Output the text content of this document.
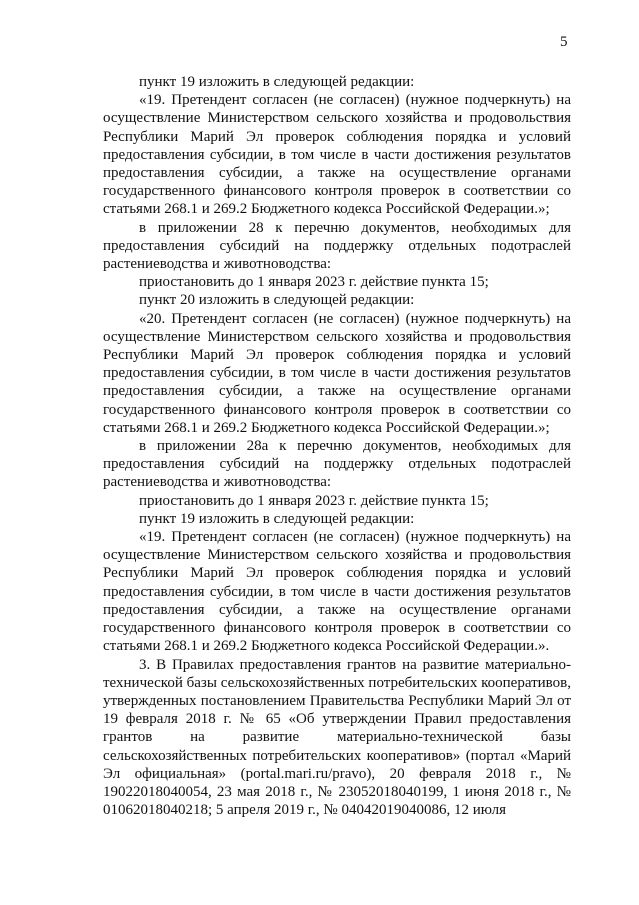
5

пункт 19 изложить в следующей редакции:

«19. Претендент согласен (не согласен) (нужное подчеркнуть) на осуществление Министерством сельского хозяйства и продовольствия Республики Марий Эл проверок соблюдения порядка и условий предоставления субсидии, в том числе в части достижения результатов предоставления субсидии, а также на осуществление органами государственного финансового контроля проверок в соответствии со статьями 268.1 и 269.2 Бюджетного кодекса Российской Федерации.»;

в приложении 28 к перечню документов, необходимых для предоставления субсидий на поддержку отдельных подотраслей растениеводства и животноводства:

приостановить до 1 января 2023 г. действие пункта 15;

пункт 20 изложить в следующей редакции:

«20. Претендент согласен (не согласен) (нужное подчеркнуть) на осуществление Министерством сельского хозяйства и продовольствия Республики Марий Эл проверок соблюдения порядка и условий предоставления субсидии, в том числе в части достижения результатов предоставления субсидии, а также на осуществление органами государственного финансового контроля проверок в соответствии со статьями 268.1 и 269.2 Бюджетного кодекса Российской Федерации.»;

в приложении 28а к перечню документов, необходимых для предоставления субсидий на поддержку отдельных подотраслей растениеводства и животноводства:

приостановить до 1 января 2023 г. действие пункта 15;

пункт 19 изложить в следующей редакции:

«19. Претендент согласен (не согласен) (нужное подчеркнуть) на осуществление Министерством сельского хозяйства и продовольствия Республики Марий Эл проверок соблюдения порядка и условий предоставления субсидии, в том числе в части достижения результатов предоставления субсидии, а также на осуществление органами государственного финансового контроля проверок в соответствии со статьями 268.1 и 269.2 Бюджетного кодекса Российской Федерации.».

3. В Правилах предоставления грантов на развитие материально-технической базы сельскохозяйственных потребительских кооперативов, утвержденных постановлением Правительства Республики Марий Эл от 19 февраля 2018 г. № 65 «Об утверждении Правил предоставления грантов на развитие материально-технической базы сельскохозяйственных потребительских кооперативов» (портал «Марий Эл официальная» (portal.mari.ru/pravo), 20 февраля 2018 г., № 19022018040054, 23 мая 2018 г., № 23052018040199, 1 июня 2018 г., № 01062018040218; 5 апреля 2019 г., № 04042019040086, 12 июля
